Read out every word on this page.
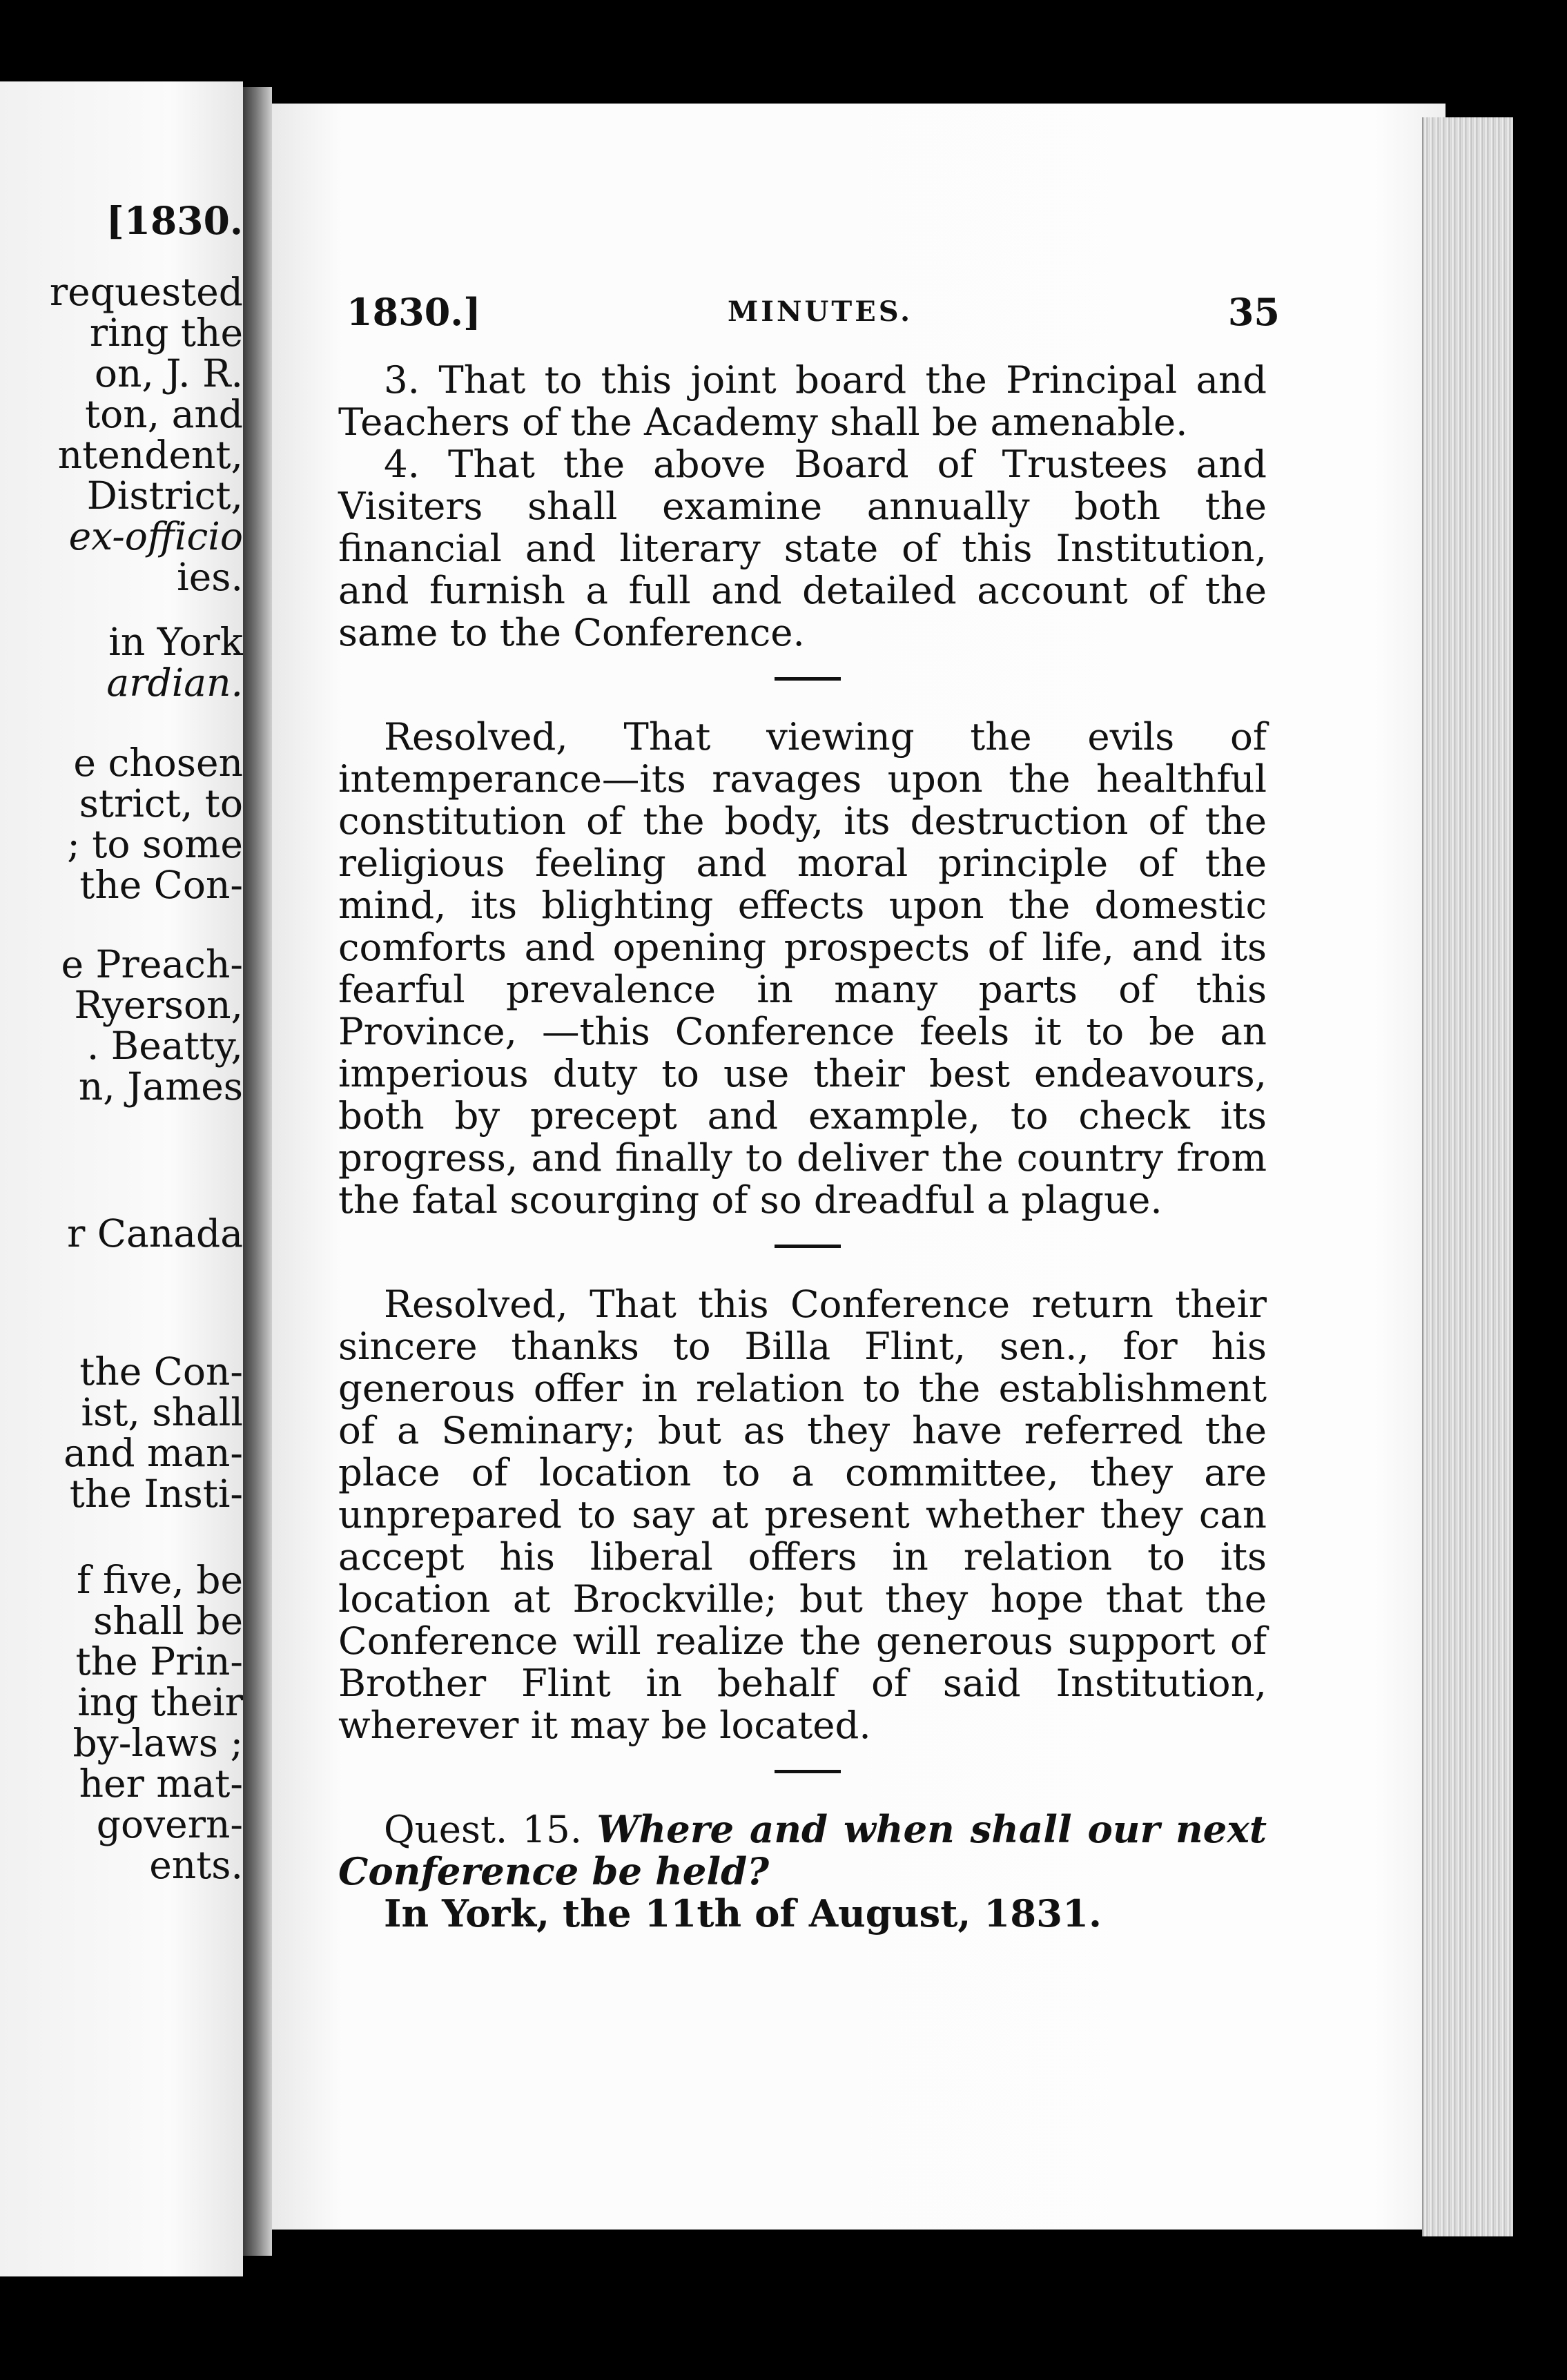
[1830.
requested
ring the
on, J. R.
ton, and
ntendent,
District,
ex-officio
ies.
in York
ardian.
e chosen
strict, to
; to some
the Con-
e Preach-
Ryerson,
. Beatty,
n, James
r Canada
the Con-
ist, shall
and man-
the Insti-
f five, be
shall be
the Prin-
ing their
by-laws ;
her mat-
govern-
ents.
1830.]	MINUTES.	35

3. That to this joint board the Principal and Teachers of the Academy shall be amenable.

4. That the above Board of Trustees and Visiters shall examine annually both the financial and literary state of this Institution, and furnish a full and detailed account of the same to the Conference.

Resolved, That viewing the evils of intemperance—its ravages upon the healthful constitution of the body, its destruction of the religious feeling and moral principle of the mind, its blighting effects upon the domestic comforts and opening prospects of life, and its fearful prevalence in many parts of this Province, —this Conference feels it to be an imperious duty to use their best endeavours, both by precept and example, to check its progress, and finally to deliver the country from the fatal scourging of so dreadful a plague.

Resolved, That this Conference return their sincere thanks to Billa Flint, sen., for his generous offer in relation to the establishment of a Seminary; but as they have referred the place of location to a committee, they are unprepared to say at present whether they can accept his liberal offers in relation to its location at Brockville; but they hope that the Conference will realize the generous support of Brother Flint in behalf of said Institution, wherever it may be located.

Quest. 15. Where and when shall our next Conference be held?

In York, the 11th of August, 1831.
